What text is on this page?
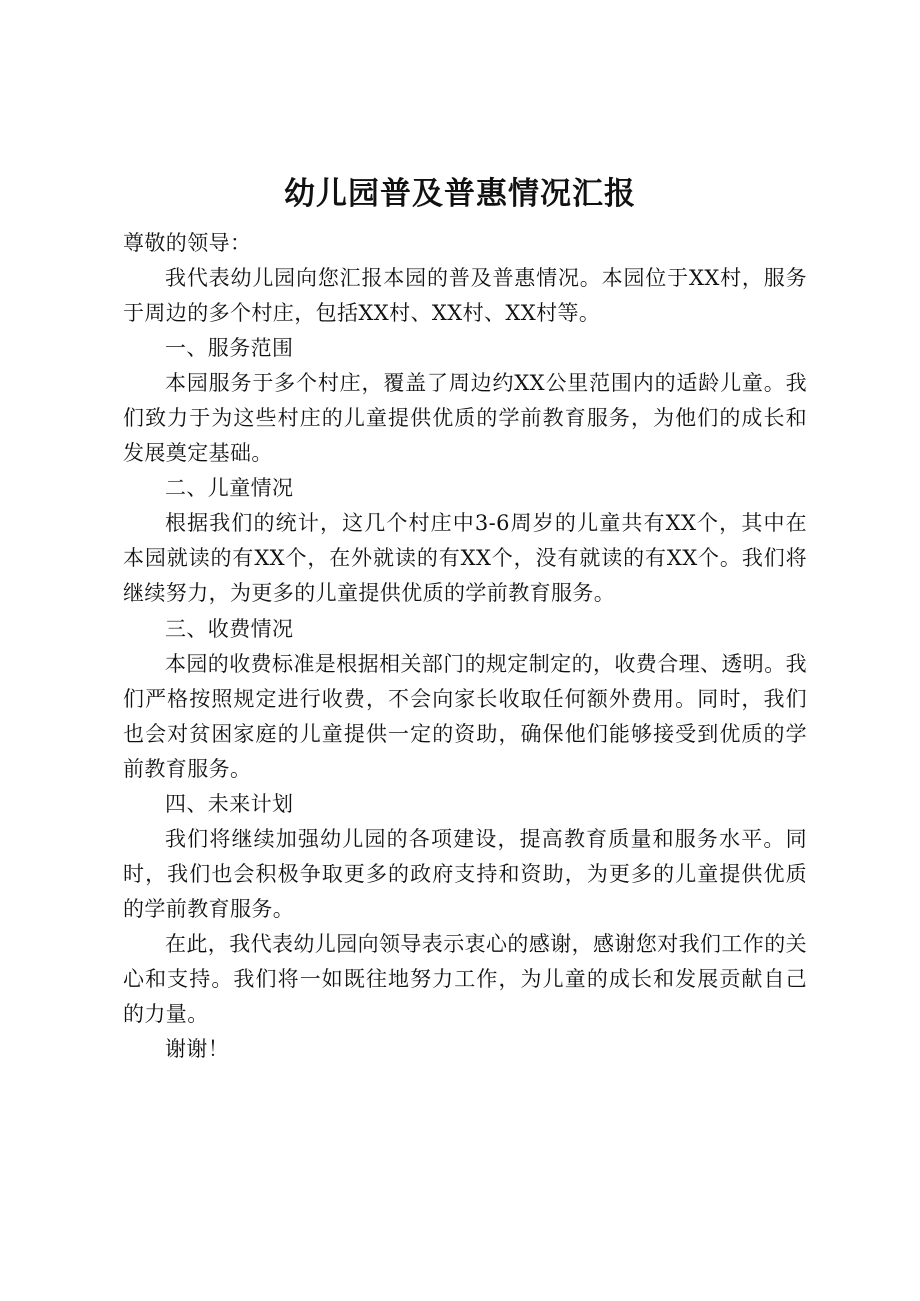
幼儿园普及普惠情况汇报

尊敬的领导：

我代表幼儿园向您汇报本园的普及普惠情况。本园位于XX村，服务于周边的多个村庄，包括XX村、XX村、XX村等。

一、服务范围

本园服务于多个村庄，覆盖了周边约XX公里范围内的适龄儿童。我们致力于为这些村庄的儿童提供优质的学前教育服务，为他们的成长和发展奠定基础。

二、儿童情况

根据我们的统计，这几个村庄中3-6周岁的儿童共有XX个，其中在本园就读的有XX个，在外就读的有XX个，没有就读的有XX个。我们将继续努力，为更多的儿童提供优质的学前教育服务。

三、收费情况

本园的收费标准是根据相关部门的规定制定的，收费合理、透明。我们严格按照规定进行收费，不会向家长收取任何额外费用。同时，我们也会对贫困家庭的儿童提供一定的资助，确保他们能够接受到优质的学前教育服务。

四、未来计划

我们将继续加强幼儿园的各项建设，提高教育质量和服务水平。同时，我们也会积极争取更多的政府支持和资助，为更多的儿童提供优质的学前教育服务。

在此，我代表幼儿园向领导表示衷心的感谢，感谢您对我们工作的关心和支持。我们将一如既往地努力工作，为儿童的成长和发展贡献自己的力量。

谢谢！
